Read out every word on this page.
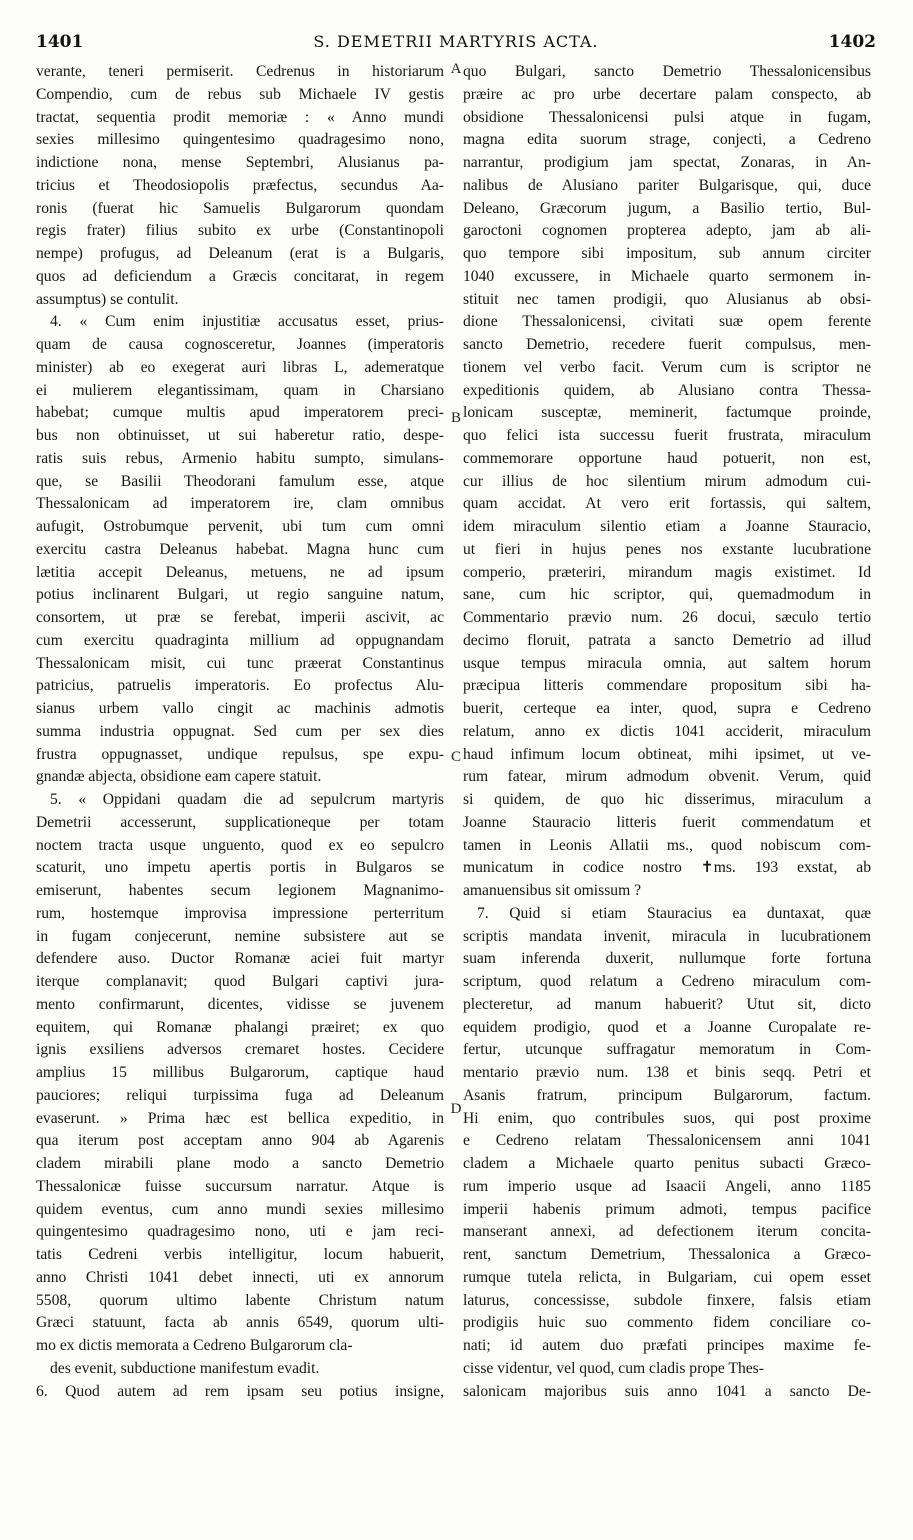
1401	S. DEMETRII MARTYRIS ACTA.	1402
A
B
C
D
verante, teneri permiserit. Cedrenus in historiarum
Compendio, cum de rebus sub Michaele IV gestis
tractat, sequentia prodit memoriæ : « Anno mundi
sexies millesimo quingentesimo quadragesimo nono,
indictione nona, mense Septembri, Alusianus pa-
tricius et Theodosiopolis præfectus, secundus Aa-
ronis (fuerat hic Samuelis Bulgarorum quondam
regis frater) filius subito ex urbe (Constantinopoli
nempe) profugus, ad Deleanum (erat is a Bulgaris,
quos ad deficiendum a Græcis concitarat, in regem
assumptus) se contulit.
4. « Cum enim injustitiæ accusatus esset, prius-
quam de causa cognosceretur, Joannes (imperatoris
minister) ab eo exegerat auri libras L, ademeratque
ei mulierem elegantissimam, quam in Charsiano
habebat; cumque multis apud imperatorem preci-
bus non obtinuisset, ut sui haberetur ratio, despe-
ratis suis rebus, Armenio habitu sumpto, simulans-
que, se Basilii Theodorani famulum esse, atque
Thessalonicam ad imperatorem ire, clam omnibus
aufugit, Ostrobumque pervenit, ubi tum cum omni
exercitu castra Deleanus habebat. Magna hunc cum
lætitia accepit Deleanus, metuens, ne ad ipsum
potius inclinarent Bulgari, ut regio sanguine natum,
consortem, ut præ se ferebat, imperii ascivit, ac
cum exercitu quadraginta millium ad oppugnandam
Thessalonicam misit, cui tunc præerat Constantinus
patricius, patruelis imperatoris. Eo profectus Alu-
sianus urbem vallo cingit ac machinis admotis
summa industria oppugnat. Sed cum per sex dies
frustra oppugnasset, undique repulsus, spe expu-
gnandæ abjecta, obsidione eam capere statuit.
5. « Oppidani quadam die ad sepulcrum martyris
Demetrii accesserunt, supplicationeque per totam
noctem tracta usque unguento, quod ex eo sepulcro
scaturit, uno impetu apertis portis in Bulgaros se
emiserunt, habentes secum legionem Magnanimo-
rum, hostemque improvisa impressione perterritum
in fugam conjecerunt, nemine subsistere aut se
defendere auso. Ductor Romanæ aciei fuit martyr
iterque complanavit; quod Bulgari captivi jura-
mento confirmarunt, dicentes, vidisse se juvenem
equitem, qui Romanæ phalangi præiret; ex quo
ignis exsiliens adversos cremaret hostes. Cecidere
amplius 15 millibus Bulgarorum, captique haud
pauciores; reliqui turpissima fuga ad Deleanum
evaserunt. » Prima hæc est bellica expeditio, in
qua iterum post acceptam anno 904 ab Agarenis
cladem mirabili plane modo a sancto Demetrio
Thessalonicæ fuisse succursum narratur. Atque is
quidem eventus, cum anno mundi sexies millesimo
quingentesimo quadragesimo nono, uti e jam reci-
tatis Cedreni verbis intelligitur, locum habuerit,
anno Christi 1041 debet innecti, uti ex annorum
5508, quorum ultimo labente Christum natum
Græci statuunt, facta ab annis 6549, quorum ulti-
mo ex dictis memorata a Cedreno Bulgarorum cla-
des evenit, subductione manifestum evadit.
6. Quod autem ad rem ipsam seu potius insigne,
quo Bulgari, sancto Demetrio Thessalonicensibus
præire ac pro urbe decertare palam conspecto, ab
obsidione Thessalonicensi pulsi atque in fugam,
magna edita suorum strage, conjecti, a Cedreno
narrantur, prodigium jam spectat, Zonaras, in An-
nalibus de Alusiano pariter Bulgarisque, qui, duce
Deleano, Græcorum jugum, a Basilio tertio, Bul-
garoctoni cognomen propterea adepto, jam ab ali-
quo tempore sibi impositum, sub annum circiter
1040 excussere, in Michaele quarto sermonem in-
stituit nec tamen prodigii, quo Alusianus ab obsi-
dione Thessalonicensi, civitati suæ opem ferente
sancto Demetrio, recedere fuerit compulsus, men-
tionem vel verbo facit. Verum cum is scriptor ne
expeditionis quidem, ab Alusiano contra Thessa-
lonicam susceptæ, meminerit, factumque proinde,
quo felici ista successu fuerit frustrata, miraculum
commemorare opportune haud potuerit, non est,
cur illius de hoc silentium mirum admodum cui-
quam accidat. At vero erit fortassis, qui saltem,
idem miraculum silentio etiam a Joanne Stauracio,
ut fieri in hujus penes nos exstante lucubratione
comperio, præteriri, mirandum magis existimet. Id
sane, cum hic scriptor, qui, quemadmodum in
Commentario prævio num. 26 docui, sæculo tertio
decimo floruit, patrata a sancto Demetrio ad illud
usque tempus miracula omnia, aut saltem horum
præcipua litteris commendare propositum sibi ha-
buerit, certeque ea inter, quod, supra e Cedreno
relatum, anno ex dictis 1041 acciderit, miraculum
haud infimum locum obtineat, mihi ipsimet, ut ve-
rum fatear, mirum admodum obvenit. Verum, quid
si quidem, de quo hic disserimus, miraculum a
Joanne Stauracio litteris fuerit commendatum et
tamen in Leonis Allatii ms., quod nobiscum com-
municatum in codice nostro ✝ms. 193 exstat, ab
amanuensibus sit omissum ?
7. Quid si etiam Stauracius ea duntaxat, quæ
scriptis mandata invenit, miracula in lucubrationem
suam inferenda duxerit, nullumque forte fortuna
scriptum, quod relatum a Cedreno miraculum com-
plecteretur, ad manum habuerit? Utut sit, dicto
equidem prodigio, quod et a Joanne Curopalate re-
fertur, utcunque suffragatur memoratum in Com-
mentario prævio num. 138 et binis seqq. Petri et
Asanis fratrum, principum Bulgarorum, factum.
Hi enim, quo contribules suos, qui post proxime
e Cedreno relatam Thessalonicensem anni 1041
cladem a Michaele quarto penitus subacti Græco-
rum imperio usque ad Isaacii Angeli, anno 1185
imperii habenis primum admoti, tempus pacifice
manserant annexi, ad defectionem iterum concita-
rent, sanctum Demetrium, Thessalonica a Græco-
rumque tutela relicta, in Bulgariam, cui opem esset
laturus, concessisse, subdole finxere, falsis etiam
prodigiis huic suo commento fidem conciliare co-
nati; id autem duo præfati principes maxime fe-
cisse videntur, vel quod, cum cladis prope Thes-
salonicam majoribus suis anno 1041 a sancto De-
